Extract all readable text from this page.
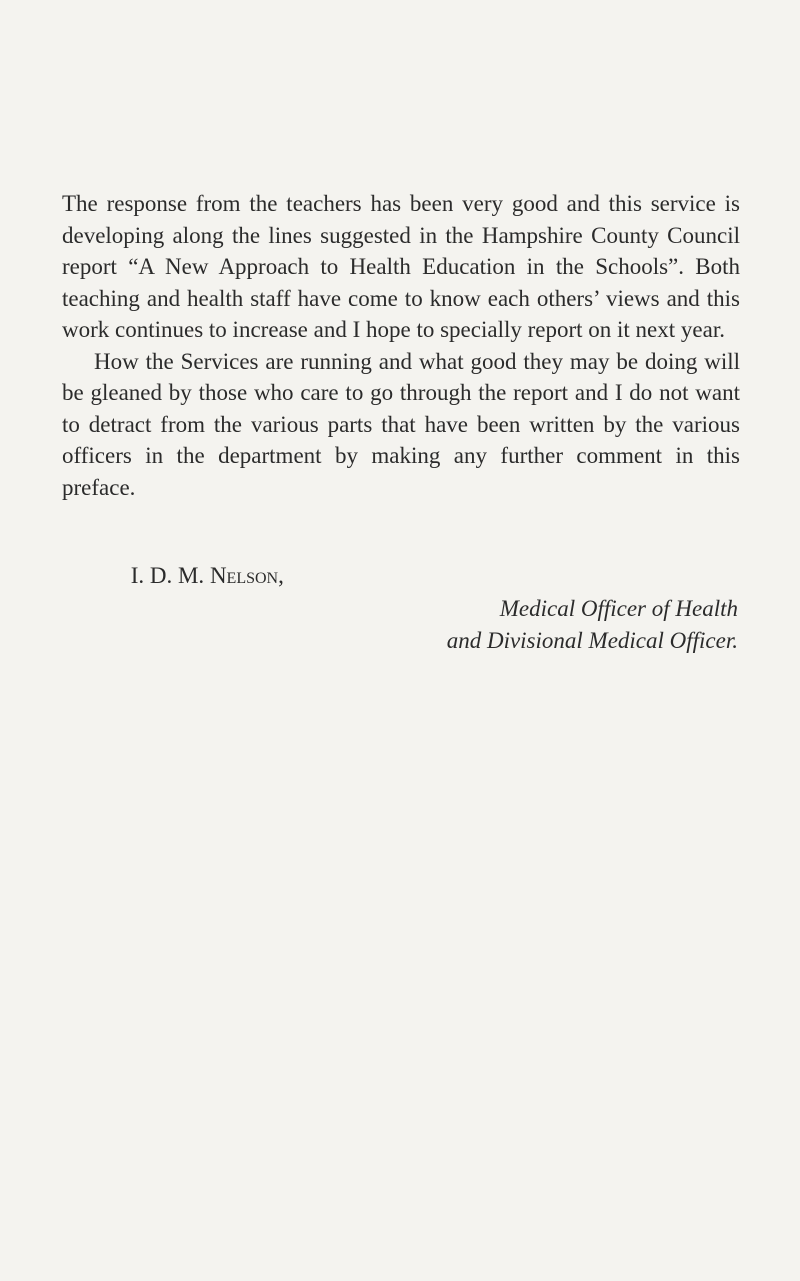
The response from the teachers has been very good and this service is developing along the lines suggested in the Hampshire County Council report “A New Approach to Health Education in the Schools”. Both teaching and health staff have come to know each others’ views and this work continues to increase and I hope to specially report on it next year.

How the Services are running and what good they may be doing will be gleaned by those who care to go through the report and I do not want to detract from the various parts that have been written by the various officers in the department by making any further comment in this preface.

I. D. M. Nelson,

Medical Officer of Health

and Divisional Medical Officer.
